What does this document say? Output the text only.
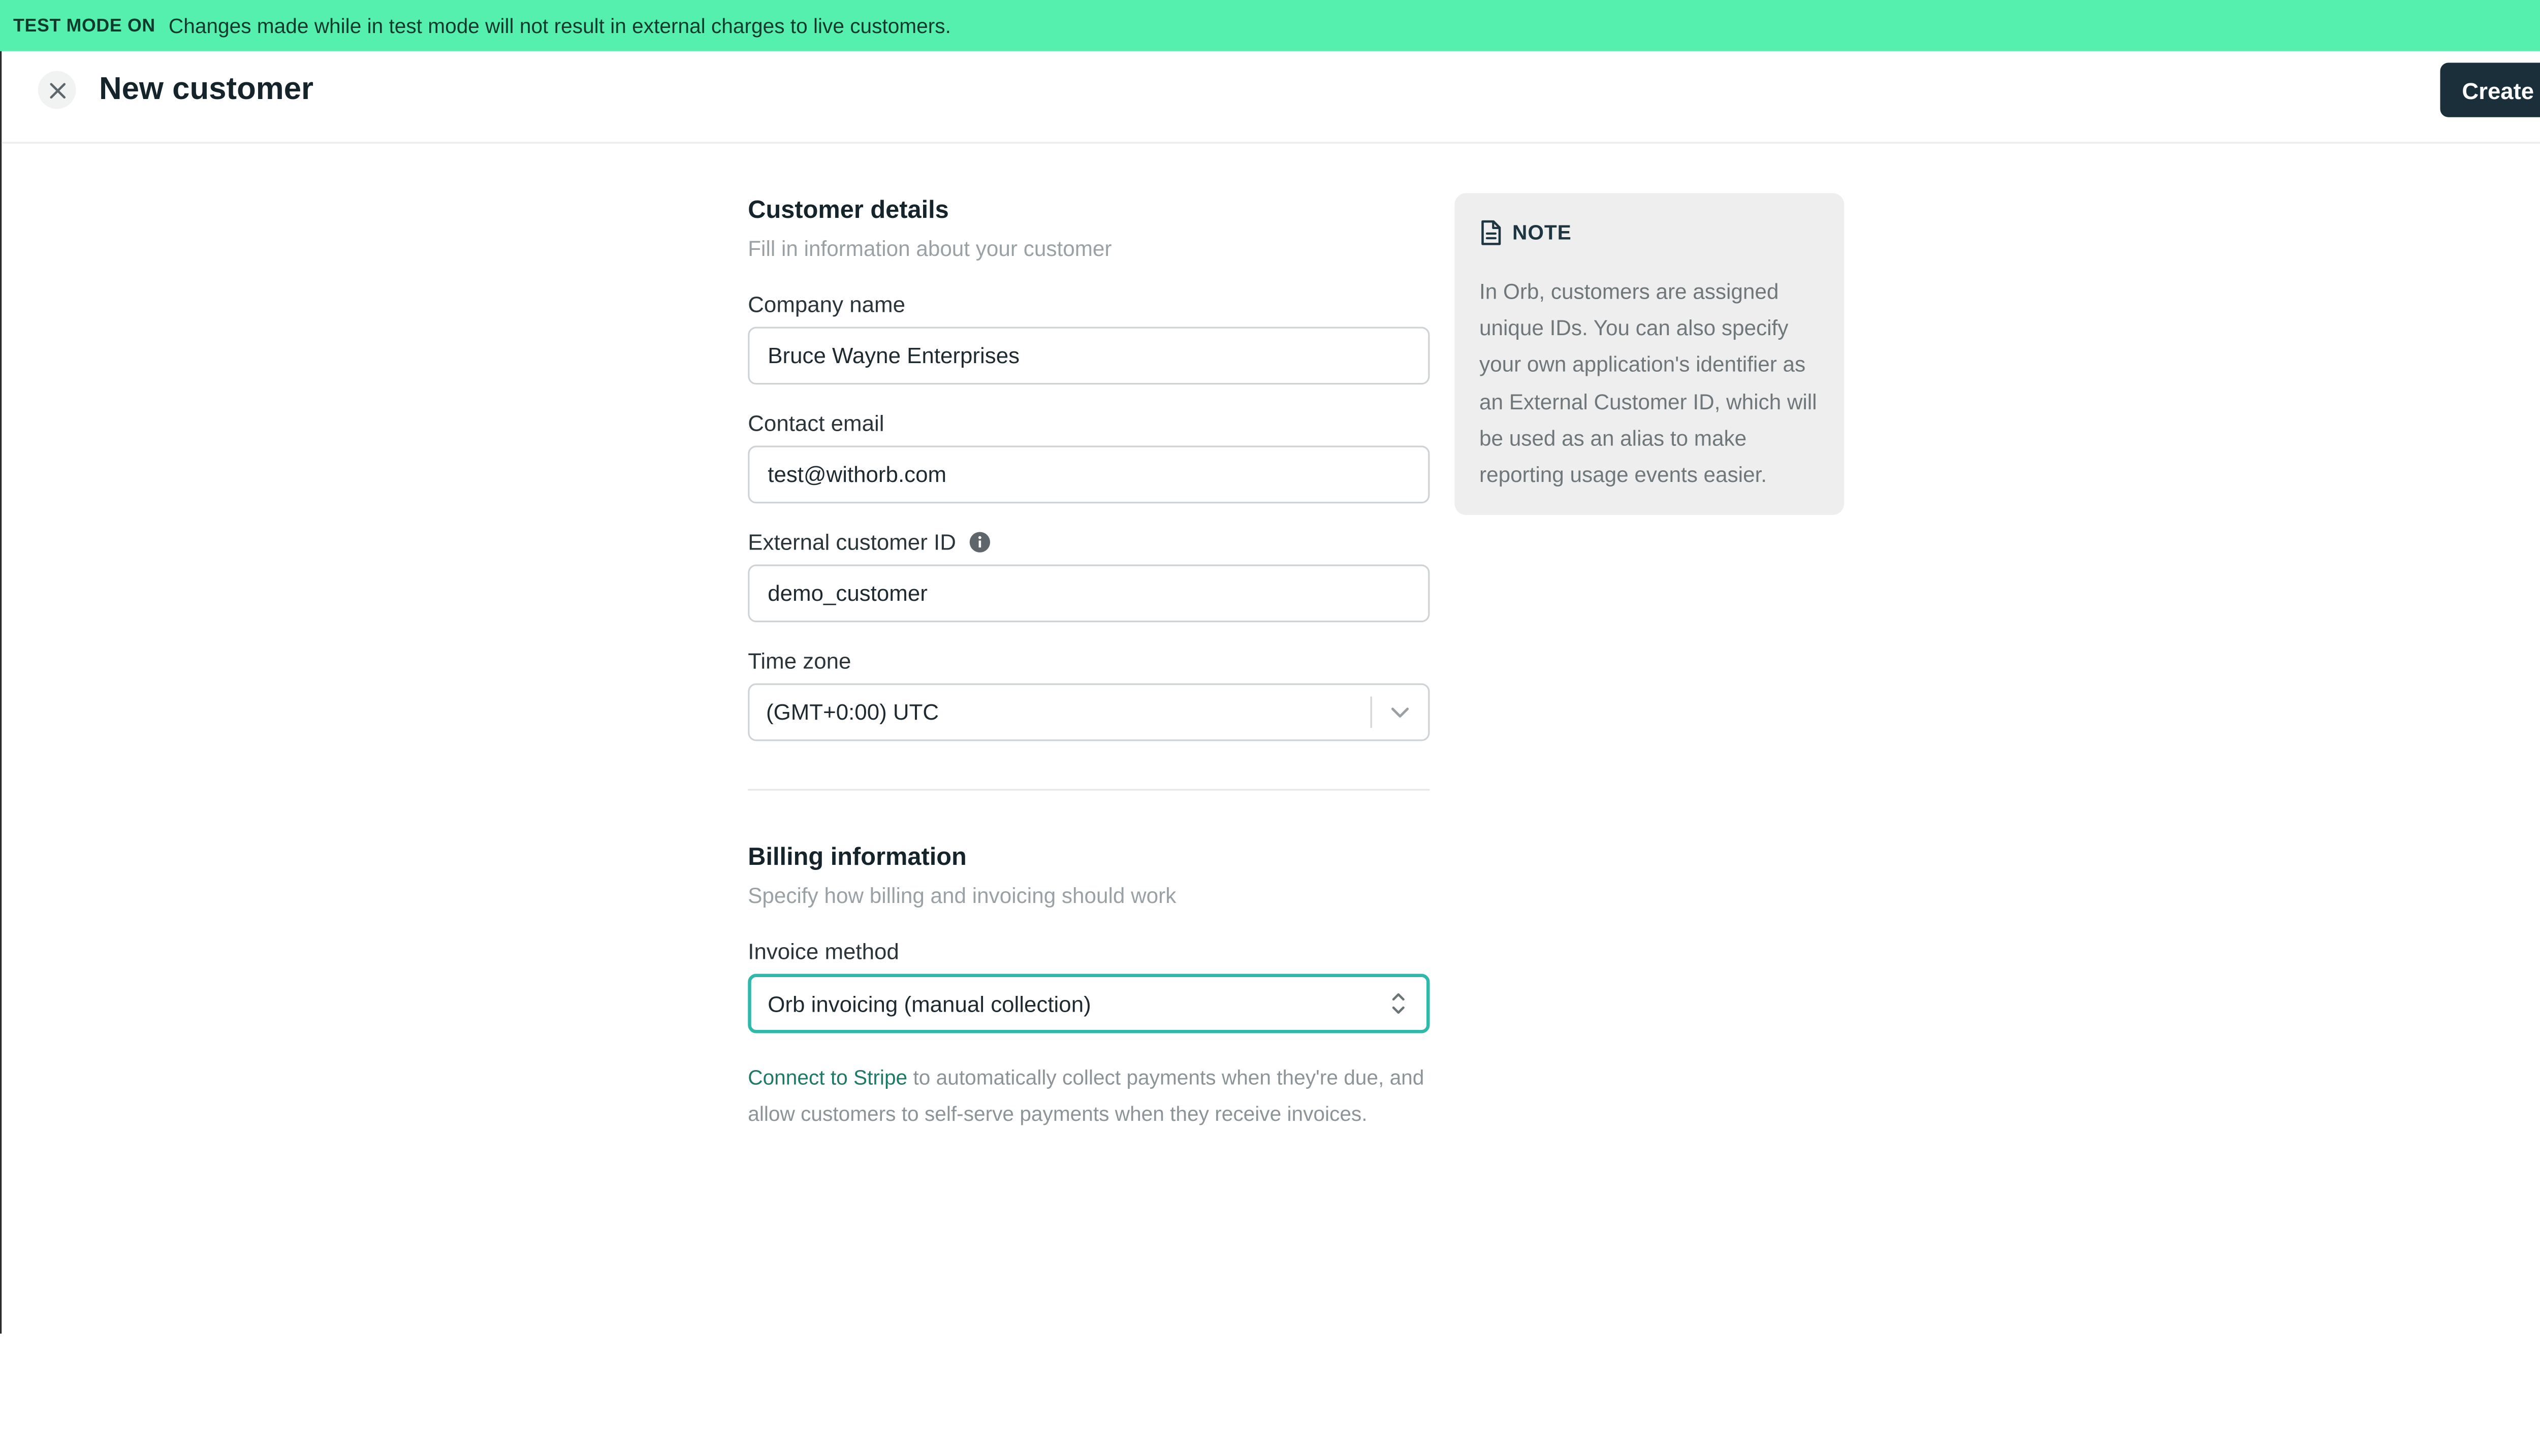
TEST MODE ON Changes made while in test mode will not result in external charges to live customers.
New customer	Create
Customer details
Fill in information about your customer
Company name
Bruce Wayne Enterprises
Contact email
test@withorb.com
External customer ID
demo_customer
Time zone
(GMT+0:00) UTC
Billing information
Specify how billing and invoicing should work
Invoice method
Orb invoicing (manual collection)
Connect to Stripe to automatically collect payments when they're due, and allow customers to self-serve payments when they receive invoices.
NOTE
In Orb, customers are assigned unique IDs. You can also specify your own application's identifier as an External Customer ID, which will be used as an alias to make reporting usage events easier.
